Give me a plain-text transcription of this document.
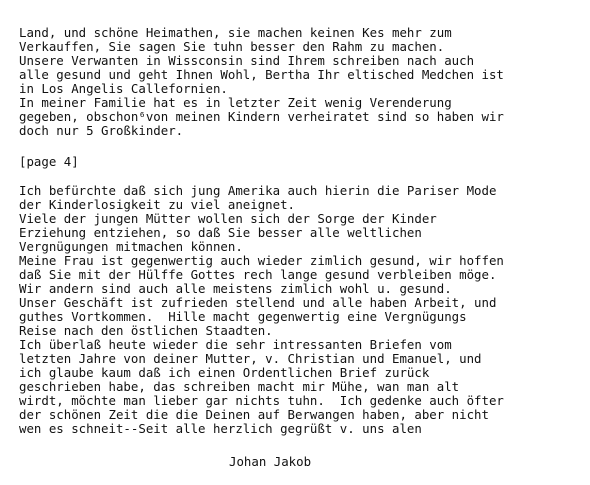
Land, und schöne Heimathen, sie machen keinen Kes mehr zum
Verkauffen, Sie sagen Sie tuhn besser den Rahm zu machen.
Unsere Verwanten in Wissconsin sind Ihrem schreiben nach auch
alle gesund und geht Ihnen Wohl, Bertha Ihr eltisched Medchen ist
in Los Angelis Callefornien.
In meiner Familie hat es in letzter Zeit wenig Verenderung
gegeben, obschon⁶von meinen Kindern verheiratet sind so haben wir
doch nur 5 Großkinder.
[page 4]
Ich befürchte daß sich jung Amerika auch hierin die Pariser Mode
der Kinderlosigkeit zu viel aneignet.
Viele der jungen Mütter wollen sich der Sorge der Kinder
Erziehung entziehen, so daß Sie besser alle weltlichen
Vergnügungen mitmachen können.
Meine Frau ist gegenwertig auch wieder zimlich gesund, wir hoffen
daß Sie mit der Hülffe Gottes rech lange gesund verbleiben möge.
Wir andern sind auch alle meistens zimlich wohl u. gesund.
Unser Geschäft ist zufrieden stellend und alle haben Arbeit, und
guthes Vortkommen.  Hille macht gegenwertig eine Vergnügungs
Reise nach den östlichen Staadten.
Ich überlaß heute wieder die sehr intressanten Briefen vom
letzten Jahre von deiner Mutter, v. Christian und Emanuel, und
ich glaube kaum daß ich einen Ordentlichen Brief zurück
geschrieben habe, das schreiben macht mir Mühe, wan man alt
wirdt, möchte man lieber gar nichts tuhn.  Ich gedenke auch öfter
der schönen Zeit die die Deinen auf Berwangen haben, aber nicht
wen es schneit--Seit alle herzlich gegrüßt v. uns alen
Johan Jakob
